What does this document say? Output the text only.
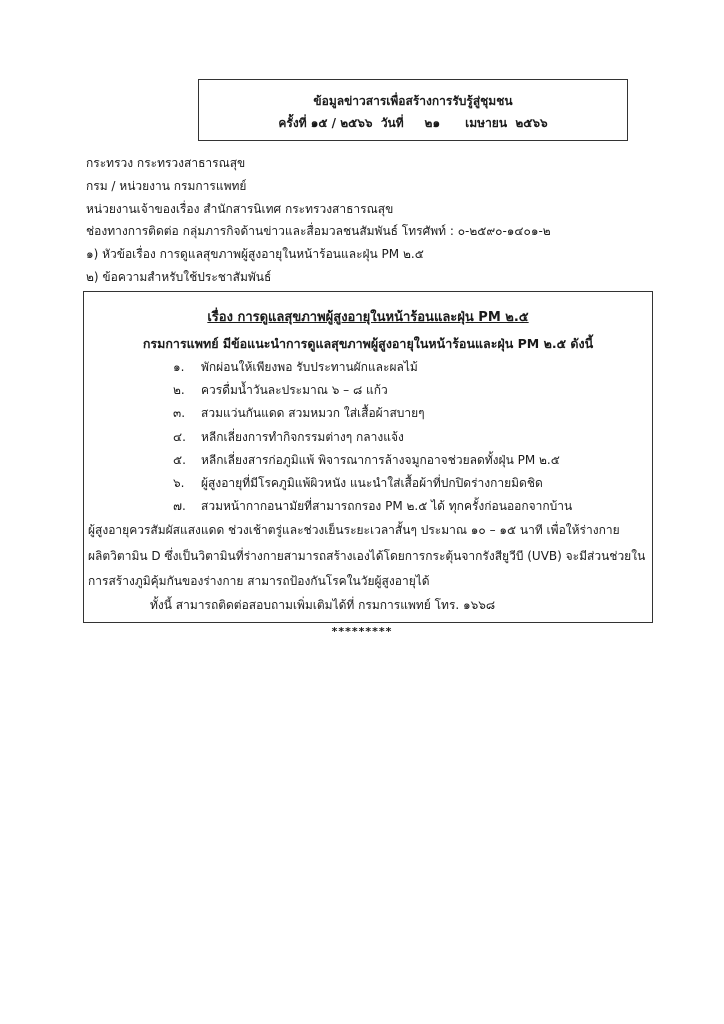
ข้อมูลข่าวสารเพื่อสร้างการรับรู้สู่ชุมชน
ครั้งที่ ๑๕ / ๒๕๖๖  วันที่     ๒๑      เมษายน  ๒๕๖๖
กระทรวง กระทรวงสาธารณสุข
กรม / หน่วยงาน กรมการแพทย์
หน่วยงานเจ้าของเรื่อง สำนักสารนิเทศ กระทรวงสาธารณสุข
ช่องทางการติดต่อ กลุ่มภารกิจด้านข่าวและสื่อมวลชนสัมพันธ์ โทรศัพท์ : ๐-๒๕๙๐-๑๔๐๑-๒
๑) หัวข้อเรื่อง การดูแลสุขภาพผู้สูงอายุในหน้าร้อนและฝุ่น PM ๒.๕
๒) ข้อความสำหรับใช้ประชาสัมพันธ์
เรื่อง การดูแลสุขภาพผู้สูงอายุในหน้าร้อนและฝุ่น PM ๒.๕
กรมการแพทย์ มีข้อแนะนำการดูแลสุขภาพผู้สูงอายุในหน้าร้อนและฝุ่น PM ๒.๕ ดังนี้
๑. พักผ่อนให้เพียงพอ รับประทานผักและผลไม้
๒. ควรดื่มน้ำวันละประมาณ ๖ – ๘ แก้ว
๓. สวมแว่นกันแดด สวมหมวก ใส่เสื้อผ้าสบายๆ
๔. หลีกเลี่ยงการทำกิจกรรมต่างๆ กลางแจ้ง
๕. หลีกเลี่ยงสารก่อภูมิแพ้ พิจารณาการล้างจมูกอาจช่วยลดทั้งฝุ่น PM ๒.๕
๖. ผู้สูงอายุที่มีโรคภูมิแพ้ผิวหนัง แนะนำใส่เสื้อผ้าที่ปกปิดร่างกายมิดชิด
๗. สวมหน้ากากอนามัยที่สามารถกรอง PM ๒.๕ ได้ ทุกครั้งก่อนออกจากบ้าน
ผู้สูงอายุควรสัมผัสแสงแดด ช่วงเช้าตรู่และช่วงเย็นระยะเวลาสั้นๆ ประมาณ ๑๐ – ๑๕ นาที เพื่อให้ร่างกาย
ผลิตวิตามิน D ซึ่งเป็นวิตามินที่ร่างกายสามารถสร้างเองได้โดยการกระตุ้นจากรังสียูวีบี (UVB) จะมีส่วนช่วยใน
การสร้างภูมิคุ้มกันของร่างกาย สามารถป้องกันโรคในวัยผู้สูงอายุได้
ทั้งนี้ สามารถติดต่อสอบถามเพิ่มเติมได้ที่ กรมการแพทย์ โทร. ๑๖๖๘
*********
